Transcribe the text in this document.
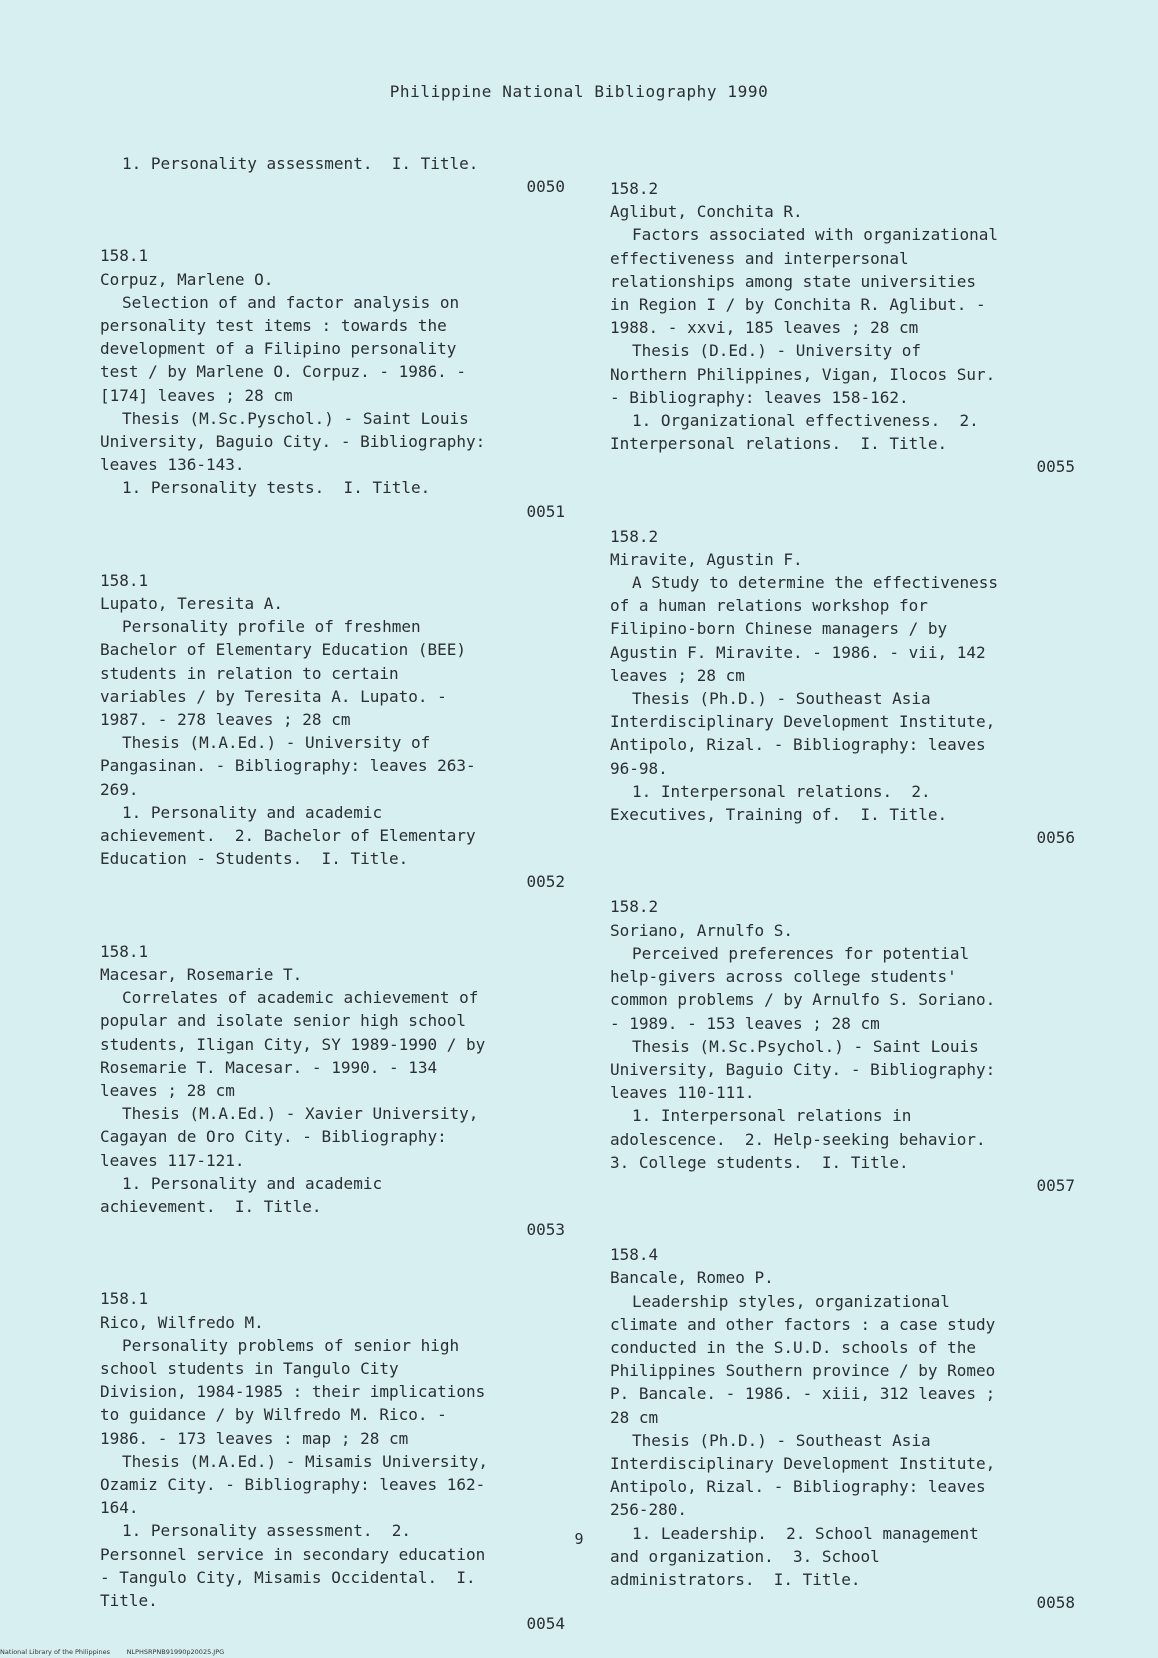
Philippine National Bibliography 1990
1. Personality assessment.  I. Title.
0050
158.1
Corpuz, Marlene O.
Selection of and factor analysis on
personality test items : towards the
development of a Filipino personality
test / by Marlene O. Corpuz. - 1986. -
[174] leaves ; 28 cm
Thesis (M.Sc.Pyschol.) - Saint Louis
University, Baguio City. - Bibliography:
leaves 136-143.
1. Personality tests.  I. Title.
0051
158.1
Lupato, Teresita A.
Personality profile of freshmen
Bachelor of Elementary Education (BEE)
students in relation to certain
variables / by Teresita A. Lupato. -
1987. - 278 leaves ; 28 cm
Thesis (M.A.Ed.) - University of
Pangasinan. - Bibliography: leaves 263-
269.
1. Personality and academic
achievement.  2. Bachelor of Elementary
Education - Students.  I. Title.
0052
158.1
Macesar, Rosemarie T.
Correlates of academic achievement of
popular and isolate senior high school
students, Iligan City, SY 1989-1990 / by
Rosemarie T. Macesar. - 1990. - 134
leaves ; 28 cm
Thesis (M.A.Ed.) - Xavier University,
Cagayan de Oro City. - Bibliography:
leaves 117-121.
1. Personality and academic
achievement.  I. Title.
0053
158.1
Rico, Wilfredo M.
Personality problems of senior high
school students in Tangulo City
Division, 1984-1985 : their implications
to guidance / by Wilfredo M. Rico. -
1986. - 173 leaves : map ; 28 cm
Thesis (M.A.Ed.) - Misamis University,
Ozamiz City. - Bibliography: leaves 162-
164.
1. Personality assessment.  2.
Personnel service in secondary education
- Tangulo City, Misamis Occidental.  I.
Title.
0054
158.2
Aglibut, Conchita R.
Factors associated with organizational
effectiveness and interpersonal
relationships among state universities
in Region I / by Conchita R. Aglibut. -
1988. - xxvi, 185 leaves ; 28 cm
Thesis (D.Ed.) - University of
Northern Philippines, Vigan, Ilocos Sur.
- Bibliography: leaves 158-162.
1. Organizational effectiveness.  2.
Interpersonal relations.  I. Title.
0055
158.2
Miravite, Agustin F.
A Study to determine the effectiveness
of a human relations workshop for
Filipino-born Chinese managers / by
Agustin F. Miravite. - 1986. - vii, 142
leaves ; 28 cm
Thesis (Ph.D.) - Southeast Asia
Interdisciplinary Development Institute,
Antipolo, Rizal. - Bibliography: leaves
96-98.
1. Interpersonal relations.  2.
Executives, Training of.  I. Title.
0056
158.2
Soriano, Arnulfo S.
Perceived preferences for potential
help-givers across college students'
common problems / by Arnulfo S. Soriano.
- 1989. - 153 leaves ; 28 cm
Thesis (M.Sc.Psychol.) - Saint Louis
University, Baguio City. - Bibliography:
leaves 110-111.
1. Interpersonal relations in
adolescence.  2. Help-seeking behavior.
3. College students.  I. Title.
0057
158.4
Bancale, Romeo P.
Leadership styles, organizational
climate and other factors : a case study
conducted in the S.U.D. schools of the
Philippines Southern province / by Romeo
P. Bancale. - 1986. - xiii, 312 leaves ;
28 cm
Thesis (Ph.D.) - Southeast Asia
Interdisciplinary Development Institute,
Antipolo, Rizal. - Bibliography: leaves
256-280.
1. Leadership.  2. School management
and organization.  3. School
administrators.  I. Title.
0058
9
National Library of the Philippines	NLPHSRPNB91990p20025.JPG
